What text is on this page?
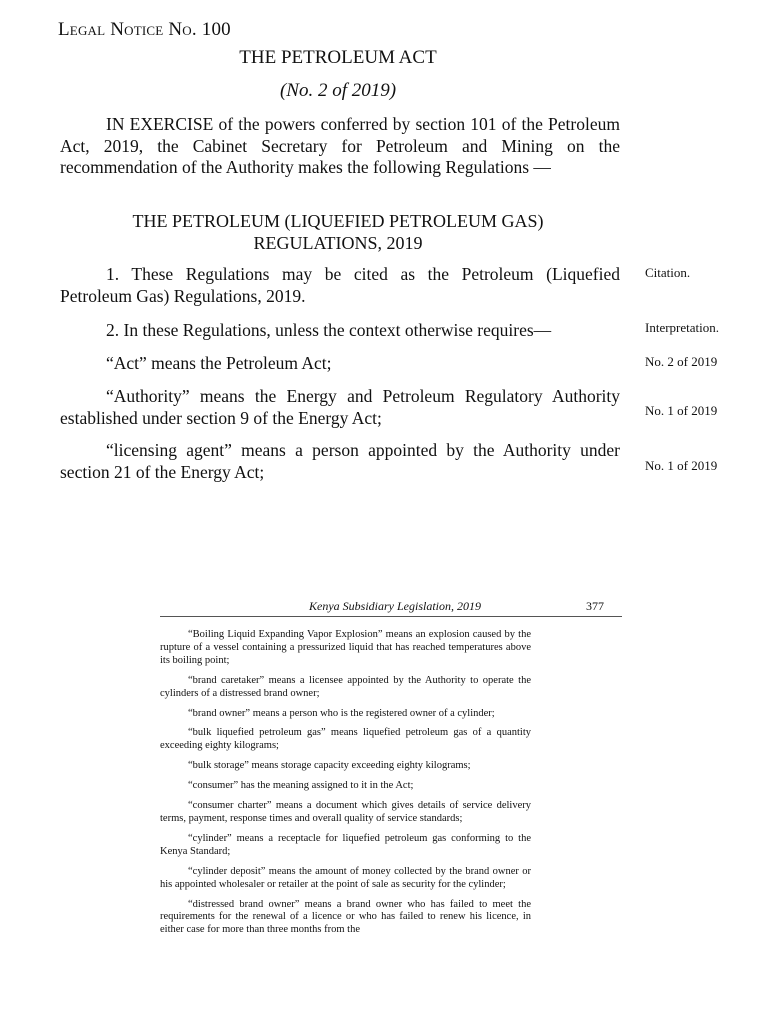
Legal Notice No. 100
THE PETROLEUM ACT
(No. 2 of 2019)

IN EXERCISE of the powers conferred by section 101 of the Petroleum Act, 2019, the Cabinet Secretary for Petroleum and Mining on the recommendation of the Authority makes the following Regulations —

THE PETROLEUM (LIQUEFIED PETROLEUM GAS)
REGULATIONS, 2019

1. These Regulations may be cited as the Petroleum (Liquefied Petroleum Gas) Regulations, 2019.

2. In these Regulations, unless the context otherwise requires—

“Act” means the Petroleum Act;

“Authority” means the Energy and Petroleum Regulatory Authority established under section 9 of the Energy Act;

“licensing agent” means a person appointed by the Authority under section 21 of the Energy Act;

Citation.
Interpretation.
No. 2 of 2019
No. 1 of 2019
No. 1 of 2019
Kenya Subsidiary Legislation, 2019	377

“Boiling Liquid Expanding Vapor Explosion” means an explosion caused by the rupture of a vessel containing a pressurized liquid that has reached temperatures above its boiling point;

“brand caretaker” means a licensee appointed by the Authority to operate the cylinders of a distressed brand owner;

“brand owner” means a person who is the registered owner of a cylinder;

“bulk liquefied petroleum gas” means liquefied petroleum gas of a quantity exceeding eighty kilograms;

“bulk storage” means storage capacity exceeding eighty kilograms;

“consumer” has the meaning assigned to it in the Act;

“consumer charter” means a document which gives details of service delivery terms, payment, response times and overall quality of service standards;

“cylinder” means a receptacle for liquefied petroleum gas conforming to the Kenya Standard;

“cylinder deposit” means the amount of money collected by the brand owner or his appointed wholesaler or retailer at the point of sale as security for the cylinder;

“distressed brand owner” means a brand owner who has failed to meet the requirements for the renewal of a licence or who has failed to renew his licence, in either case for more than three months from the
